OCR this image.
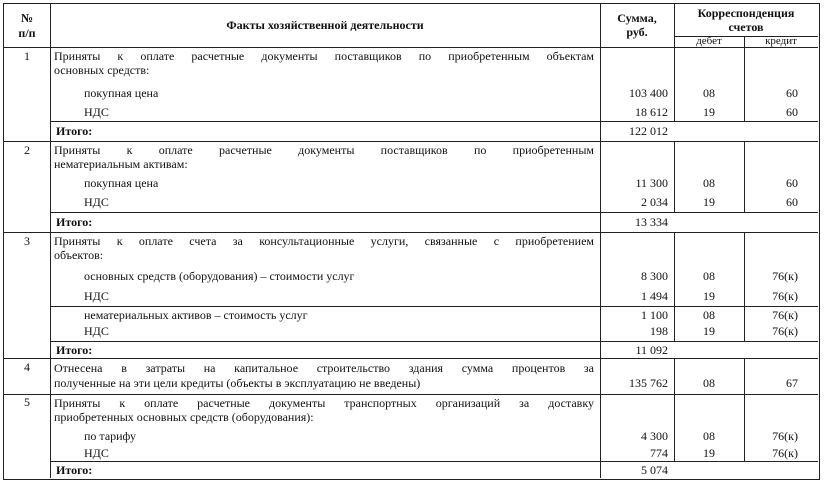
№
п/п
Факты хозяйственной деятельности	Сумма,
руб.
Корреспонденция
счетов
дебет	кредит
1	Приняты к оплате расчетные документы поставщиков по приобретенным объектам
основных средств:
покупная цена	103 400	08	60
НДС	18 612	19	60
Итого:	122 012
2	Приняты к оплате расчетные документы поставщиков по приобретенным
нематериальным активам:
покупная цена	11 300	08	60
НДС	2 034	19	60
Итого:	13 334
3	Приняты к оплате счета за консультационные услуги, связанные с приобретением
объектов:
основных средств (оборудования) – стоимости услуг	8 300	08	76(к)
НДС	1 494	19	76(к)
нематериальных активов – стоимость услуг	1 100	08	76(к)
НДС	198	19	76(к)
Итого:	11 092
4	Отнесена в затраты на капитальное строительство здания сумма процентов за
полученные на эти цели кредиты (объекты в эксплуатацию не введены)	135 762	08	67
5	Приняты к оплате расчетные документы транспортных организаций за доставку
приобретенных основных средств (оборудования):
по тарифу	4 300	08	76(к)
НДС	774	19	76(к)
Итого:	5 074
